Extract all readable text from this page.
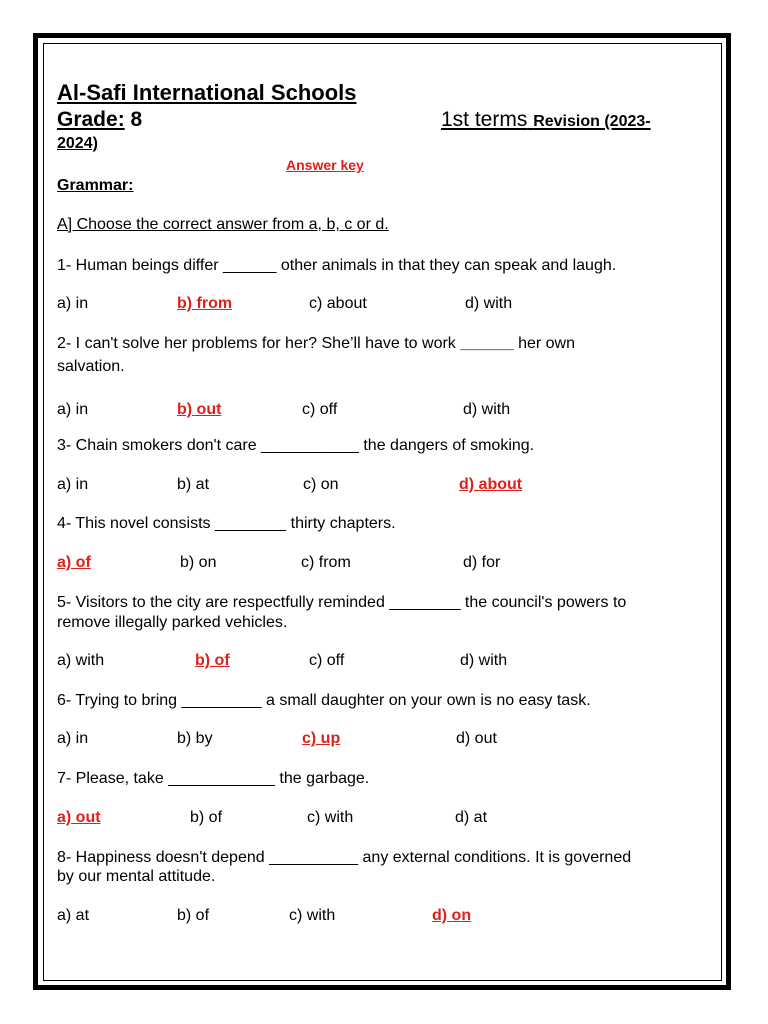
Al-Safi International Schools
Grade: 8	1st terms Revision (2023-
2024)
Answer key
Grammar:
A] Choose the correct answer from a, b, c or d.
1- Human beings differ ______ other animals in that they can speak and laugh.
a) in	b) from	c) about	d) with
2- I can't solve her problems for her? She’ll have to work ______ her own
salvation.
a) in	b) out	c) off	d) with
3- Chain smokers don't care ___________ the dangers of smoking.
a) in	b) at	c) on	d) about
4- This novel consists ________ thirty chapters.
a) of	b) on	c) from	d) for
5- Visitors to the city are respectfully reminded ________ the council's powers to
remove illegally parked vehicles.
a) with	b) of	c) off	d) with
6- Trying to bring _________ a small daughter on your own is no easy task.
a) in	b) by	c) up	d) out
7- Please, take ____________ the garbage.
a) out	b) of	c) with	d) at
8- Happiness doesn't depend __________ any external conditions. It is governed
by our mental attitude.
a) at	b) of	c) with	d) on
